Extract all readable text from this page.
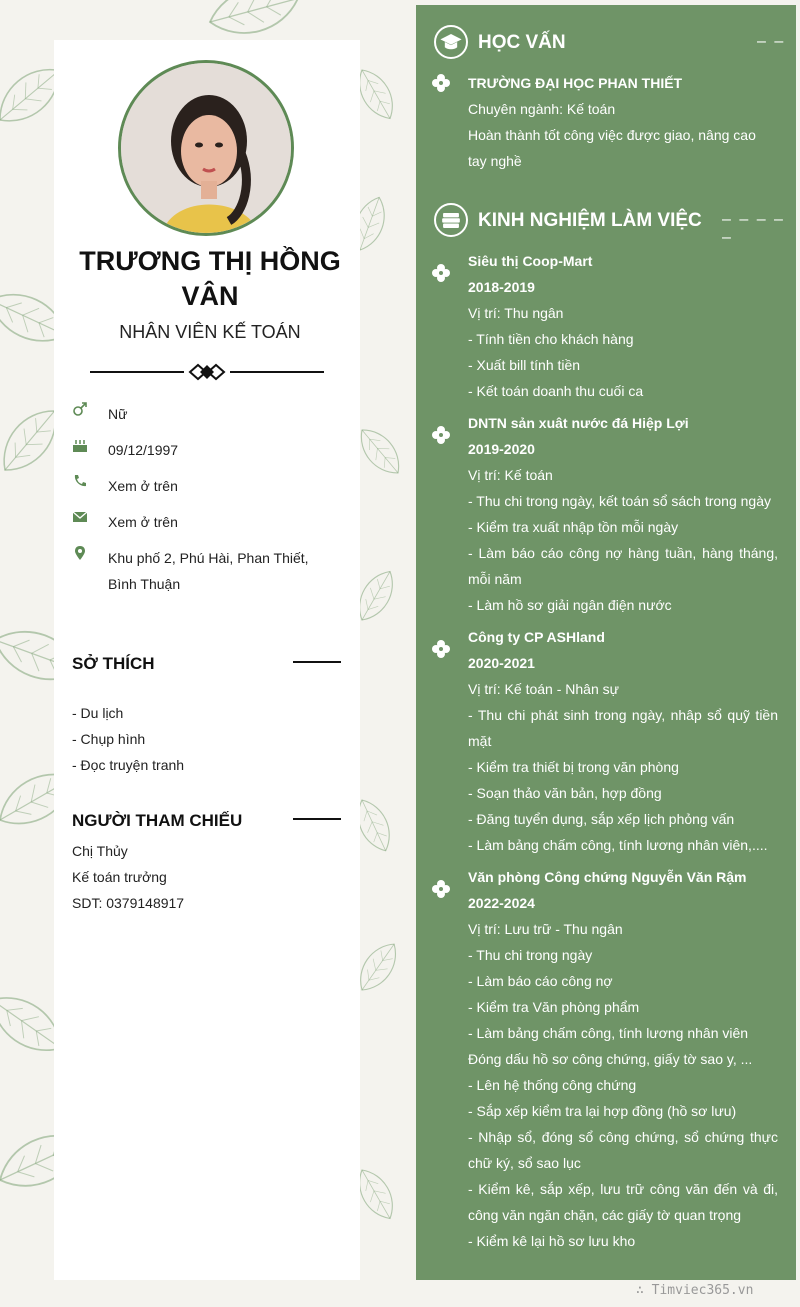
TRƯƠNG THỊ HỒNG VÂN
NHÂN VIÊN KẾ TOÁN
Nữ
09/12/1997
Xem ở trên
Xem ở trên
Khu phố 2, Phú Hài, Phan Thiết, Bình Thuận
SỞ THÍCH
- Du lịch
- Chụp hình
- Đọc truyện tranh
NGƯỜI THAM CHIẾU
Chị Thủy
Kế toán trưởng
SDT: 0379148917
HỌC VẤN	– –
TRƯỜNG ĐẠI HỌC PHAN THIẾT
Chuyên ngành: Kế toán
Hoàn thành tốt công việc được giao, nâng cao tay nghề
KINH NGHIỆM LÀM VIỆC – – – – –
Siêu thị Coop-Mart
2018-2019
Vị trí: Thu ngân
- Tính tiền cho khách hàng
- Xuất bill tính tiền
- Kết toán doanh thu cuối ca
DNTN sản xuât nước đá Hiệp Lợi
2019-2020
Vị trí: Kế toán
- Thu chi trong ngày, kết toán sổ sách trong ngày
- Kiểm tra xuất nhập tồn mỗi ngày
- Làm báo cáo công nợ hàng tuần, hàng tháng, mỗi năm
- Làm hồ sơ giải ngân điện nước
Công ty CP ASHland
2020-2021
Vị trí: Kế toán - Nhân sự
- Thu chi phát sinh trong ngày, nhâp sổ quỹ tiền mặt
- Kiểm tra thiết bị trong văn phòng
- Soạn thảo văn bản, hợp đồng
- Đăng tuyển dụng, sắp xếp lịch phỏng vấn
- Làm bảng chấm công, tính lương nhân viên,....
Văn phòng Công chứng Nguyễn Văn Rậm
2022-2024
Vị trí: Lưu trữ - Thu ngân
- Thu chi trong ngày
- Làm báo cáo công nợ
- Kiểm tra Văn phòng phẩm
- Làm bảng chấm công, tính lương nhân viên
Đóng dấu hồ sơ công chứng, giấy tờ sao y, ...
- Lên hệ thống công chứng
- Sắp xếp kiểm tra lại hợp đồng (hồ sơ lưu)
- Nhập sổ, đóng sổ công chứng, sổ chứng thực chữ ký, sổ sao lục
- Kiểm kê, sắp xếp, lưu trữ công văn đến và đi, công văn ngăn chặn, các giấy tờ quan trọng
- Kiểm kê lại hồ sơ lưu kho
∴ Timviec365.vn
